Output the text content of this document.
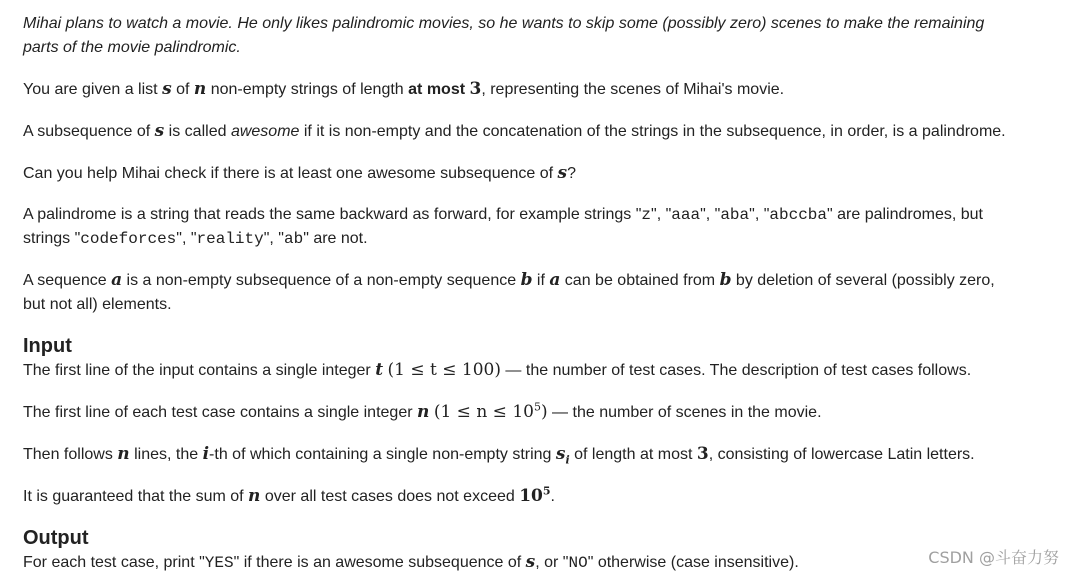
Mihai plans to watch a movie. He only likes palindromic movies, so he wants to skip some (possibly zero) scenes to make the remaining
parts of the movie palindromic.

You are given a list s of n non-empty strings of length at most 3, representing the scenes of Mihai's movie.

A subsequence of s is called awesome if it is non-empty and the concatenation of the strings in the subsequence, in order, is a palindrome.

Can you help Mihai check if there is at least one awesome subsequence of s?

A palindrome is a string that reads the same backward as forward, for example strings "z", "aaa", "aba", "abccba" are palindromes, but
strings "codeforces", "reality", "ab" are not.

A sequence a is a non-empty subsequence of a non-empty sequence b if a can be obtained from b by deletion of several (possibly zero,
but not all) elements.

Input

The first line of the input contains a single integer t (1 ≤ t ≤ 100) — the number of test cases. The description of test cases follows.

The first line of each test case contains a single integer n $(1 \le n \le 10^5)$ — the number of scenes in the movie.

Then follows n lines, the i-th of which containing a single non-empty string $s_i$ of length at most 3, consisting of lowercase Latin letters.

It is guaranteed that the sum of n over all test cases does not exceed $10^5$.

Output

For each test case, print "YES" if there is an awesome subsequence of s, or "NO" otherwise (case insensitive).	CSDN @斗奋力努
